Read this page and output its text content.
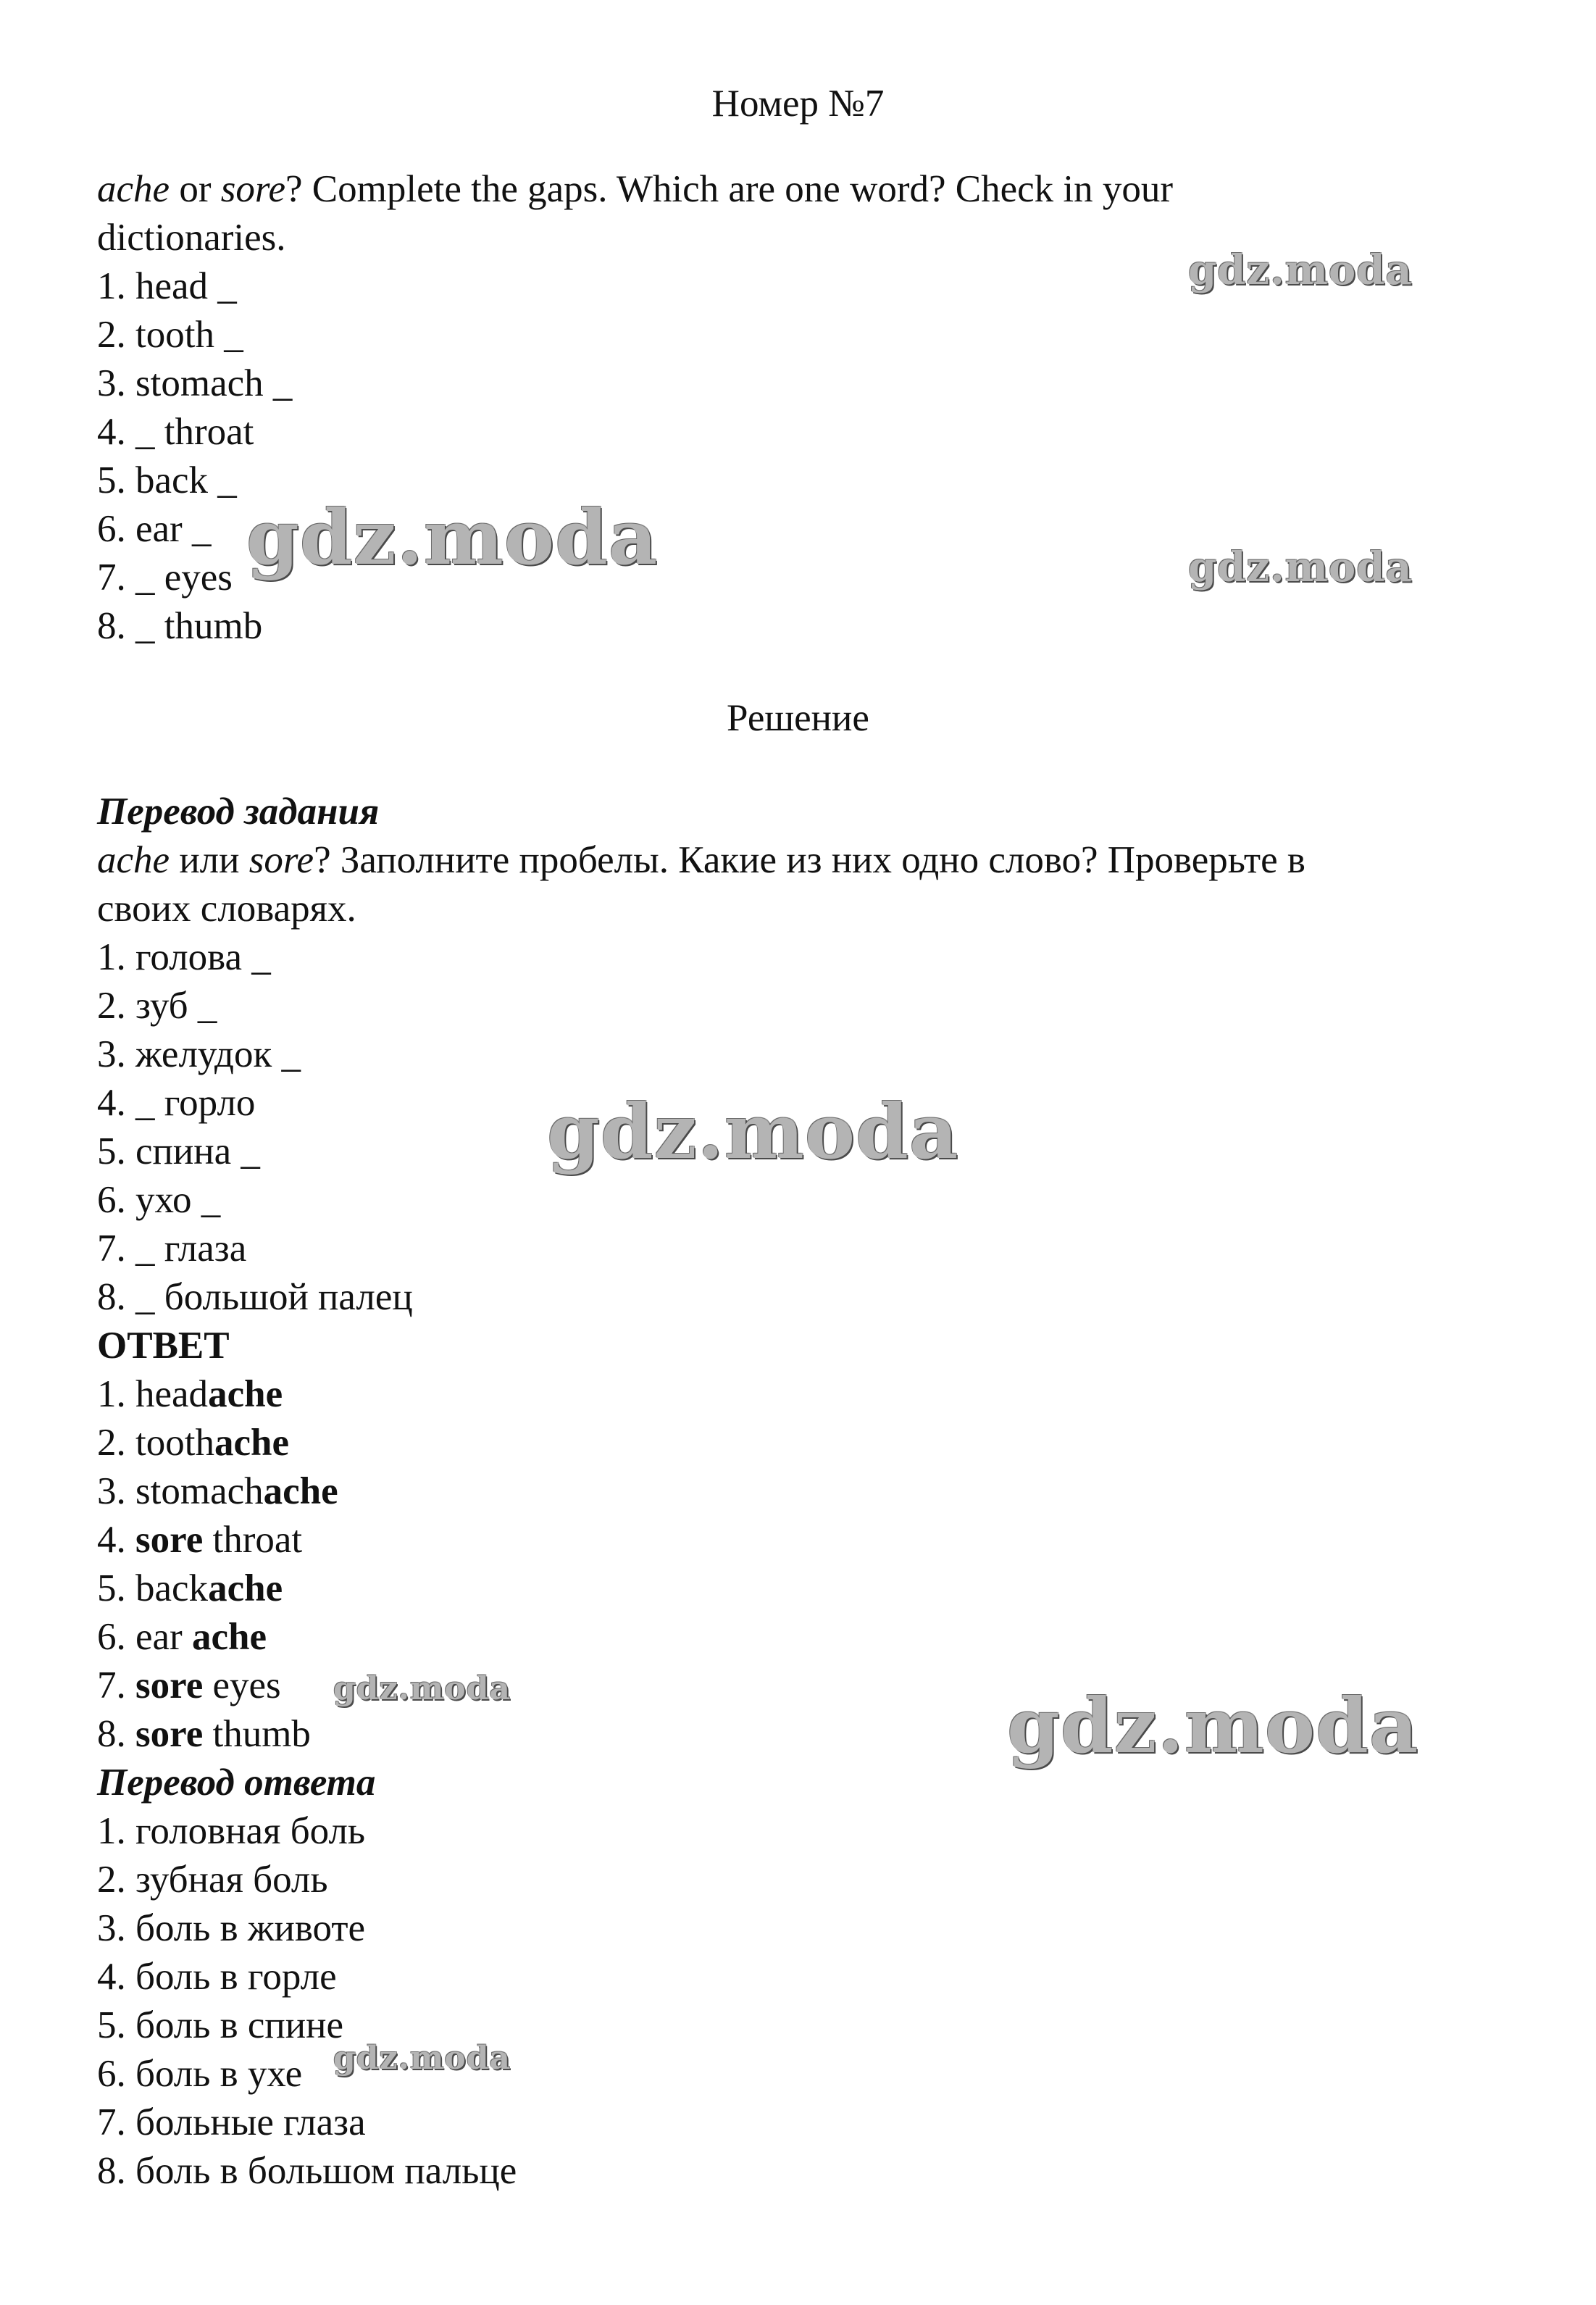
Номер №7
ache or sore? Complete the gaps. Which are one word? Check in your
dictionaries.
1. head _
2. tooth _
3. stomach _
4. _ throat
5. back _
6. ear _
7. _ eyes
8. _ thumb
Решение
Перевод задания
ache или sore? Заполните пробелы. Какие из них одно слово? Проверьте в
своих словарях.
1. голова _
2. зуб _
3. желудок _
4. _ горло
5. спина _
6. ухо _
7. _ глаза
8. _ большой палец
ОТВЕТ
1. headache
2. toothache
3. stomachache
4. sore throat
5. backache
6. ear ache
7. sore eyes
8. sore thumb
Перевод ответа
1. головная боль
2. зубная боль
3. боль в животе
4. боль в горле
5. боль в спине
6. боль в ухе
7. больные глаза
8. боль в большом пальце
gdz.moda
gdz.moda	gdz.moda
gdz.moda
gdz.moda	gdz.moda
gdz.moda
